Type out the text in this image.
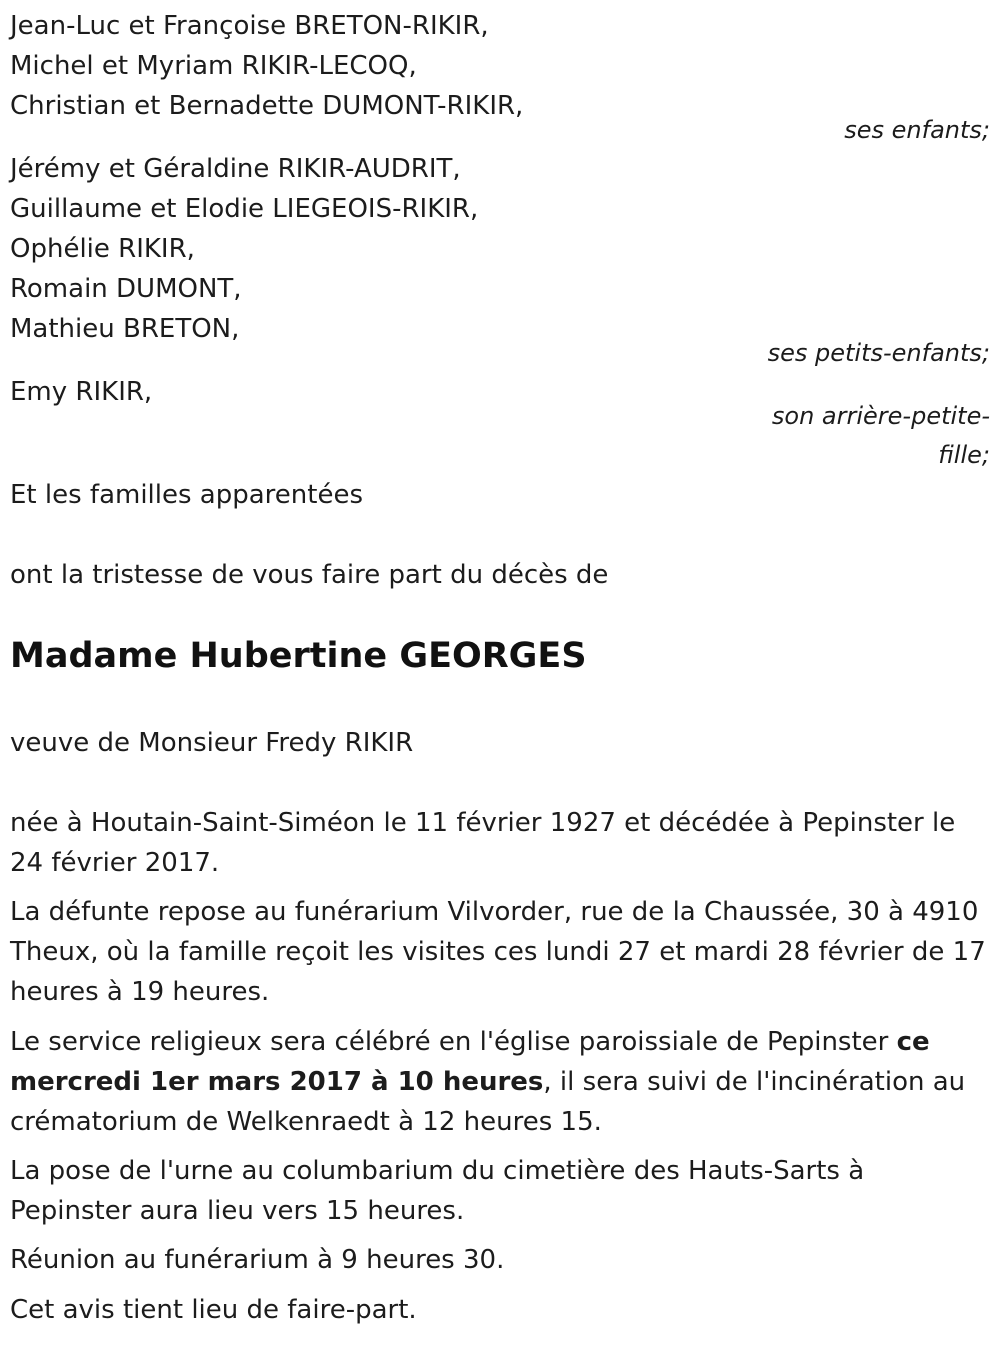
Jean-Luc et Françoise BRETON-RIKIR,
Michel et Myriam RIKIR-LECOQ,
Christian et Bernadette DUMONT-RIKIR,
ses enfants;
Jérémy et Géraldine RIKIR-AUDRIT,
Guillaume et Elodie LIEGEOIS-RIKIR,
Ophélie RIKIR,
Romain DUMONT,
Mathieu BRETON,
ses petits-enfants;
Emy RIKIR,
son arrière-petite-
fille;
Et les familles apparentées
ont la tristesse de vous faire part du décès de
Madame Hubertine GEORGES
veuve de Monsieur Fredy RIKIR
née à Houtain-Saint-Siméon le 11 février 1927 et décédée à Pepinster le 24 février 2017.
La défunte repose au funérarium Vilvorder, rue de la Chaussée, 30 à 4910 Theux, où la famille reçoit les visites ces lundi 27 et mardi 28 février de 17 heures à 19 heures.
Le service religieux sera célébré en l'église paroissiale de Pepinster ce mercredi 1er mars 2017 à 10 heures, il sera suivi de l'incinération au crématorium de Welkenraedt à 12 heures 15.
La pose de l'urne au columbarium du cimetière des Hauts-Sarts à Pepinster aura lieu vers 15 heures.
Réunion au funérarium à 9 heures 30.
Cet avis tient lieu de faire-part.
